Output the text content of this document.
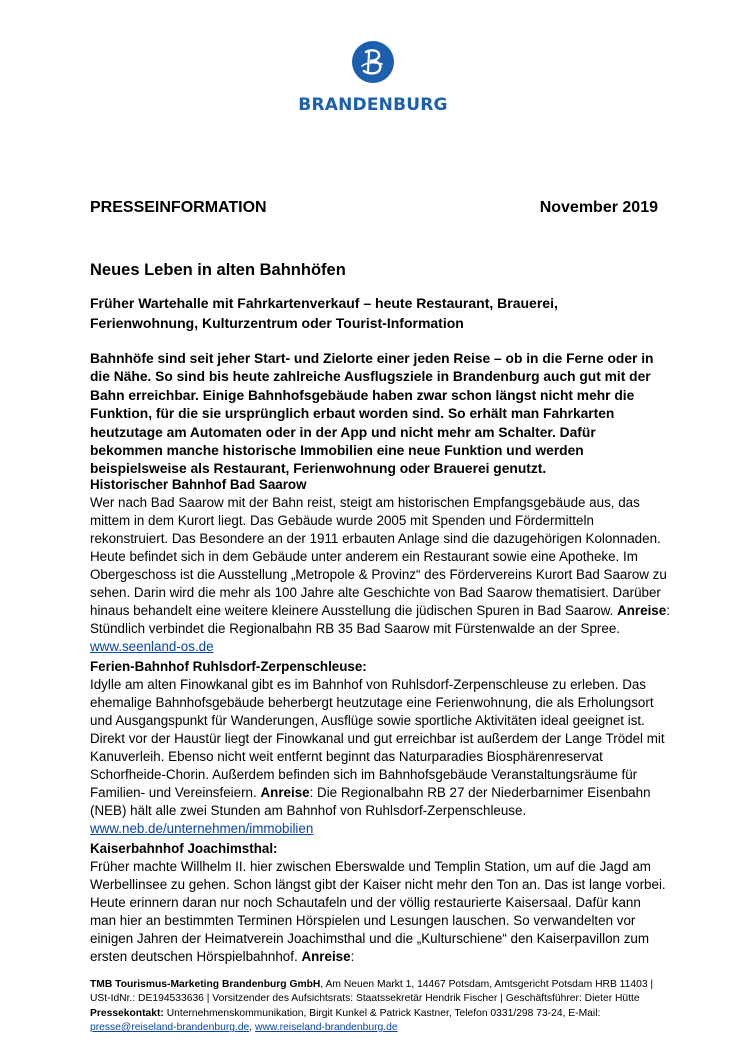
BRANDENBURG
PRESSEINFORMATION	November 2019
Neues Leben in alten Bahnhöfen
Früher Wartehalle mit Fahrkartenverkauf – heute Restaurant, Brauerei, Ferienwohnung, Kulturzentrum oder Tourist-Information
Bahnhöfe sind seit jeher Start- und Zielorte einer jeden Reise – ob in die Ferne oder in die Nähe. So sind bis heute zahlreiche Ausflugsziele in Brandenburg auch gut mit der Bahn erreichbar. Einige Bahnhofsgebäude haben zwar schon längst nicht mehr die Funktion, für die sie ursprünglich erbaut worden sind. So erhält man Fahrkarten heutzutage am Automaten oder in der App und nicht mehr am Schalter. Dafür bekommen manche historische Immobilien eine neue Funktion und werden beispielsweise als Restaurant, Ferienwohnung oder Brauerei genutzt.
Historischer Bahnhof Bad Saarow

Wer nach Bad Saarow mit der Bahn reist, steigt am historischen Empfangsgebäude aus, das mittem in dem Kurort liegt. Das Gebäude wurde 2005 mit Spenden und Fördermitteln rekonstruiert. Das Besondere an der 1911 erbauten Anlage sind die dazugehörigen Kolonnaden. Heute befindet sich in dem Gebäude unter anderem ein Restaurant sowie eine Apotheke. Im Obergeschoss ist die Ausstellung „Metropole & Provinz“ des Fördervereins Kurort Bad Saarow zu sehen. Darin wird die mehr als 100 Jahre alte Geschichte von Bad Saarow thematisiert. Darüber hinaus behandelt eine weitere kleinere Ausstellung die jüdischen Spuren in Bad Saarow. Anreise: Stündlich verbindet die Regionalbahn RB 35 Bad Saarow mit Fürstenwalde an der Spree. www.seenland-os.de

Ferien-Bahnhof Ruhlsdorf-Zerpenschleuse:

Idylle am alten Finowkanal gibt es im Bahnhof von Ruhlsdorf-Zerpenschleuse zu erleben. Das ehemalige Bahnhofsgebäude beherbergt heutzutage eine Ferienwohnung, die als Erholungsort und Ausgangspunkt für Wanderungen, Ausflüge sowie sportliche Aktivitäten ideal geeignet ist. Direkt vor der Haustür liegt der Finowkanal und gut erreichbar ist außerdem der Lange Trödel mit Kanuverleih. Ebenso nicht weit entfernt beginnt das Naturparadies Biosphärenreservat Schorfheide-Chorin. Außerdem befinden sich im Bahnhofsgebäude Veranstaltungsräume für Familien- und Vereinsfeiern. Anreise: Die Regionalbahn RB 27 der Niederbarnimer Eisenbahn (NEB) hält alle zwei Stunden am Bahnhof von Ruhlsdorf-Zerpenschleuse. www.neb.de/unternehmen/immobilien

Kaiserbahnhof Joachimsthal:

Früher machte Willhelm II. hier zwischen Eberswalde und Templin Station, um auf die Jagd am Werbellinsee zu gehen. Schon längst gibt der Kaiser nicht mehr den Ton an. Das ist lange vorbei. Heute erinnern daran nur noch Schautafeln und der völlig restaurierte Kaisersaal. Dafür kann man hier an bestimmten Terminen Hörspielen und Lesungen lauschen. So verwandelten vor einigen Jahren der Heimatverein Joachimsthal und die „Kulturschiene“ den Kaiserpavillon zum ersten deutschen Hörspielbahnhof. Anreise:

TMB Tourismus-Marketing Brandenburg GmbH, Am Neuen Markt 1, 14467 Potsdam, Amtsgericht Potsdam HRB 11403 | USt-IdNr.: DE194533636 | Vorsitzender des Aufsichtsrats: Staatssekretär Hendrik Fischer | Geschäftsführer: Dieter Hütte Pressekontakt: Unternehmenskommunikation, Birgit Kunkel & Patrick Kastner, Telefon 0331/298 73-24, E-Mail: presse@reiseland-brandenburg.de, www.reiseland-brandenburg.de
